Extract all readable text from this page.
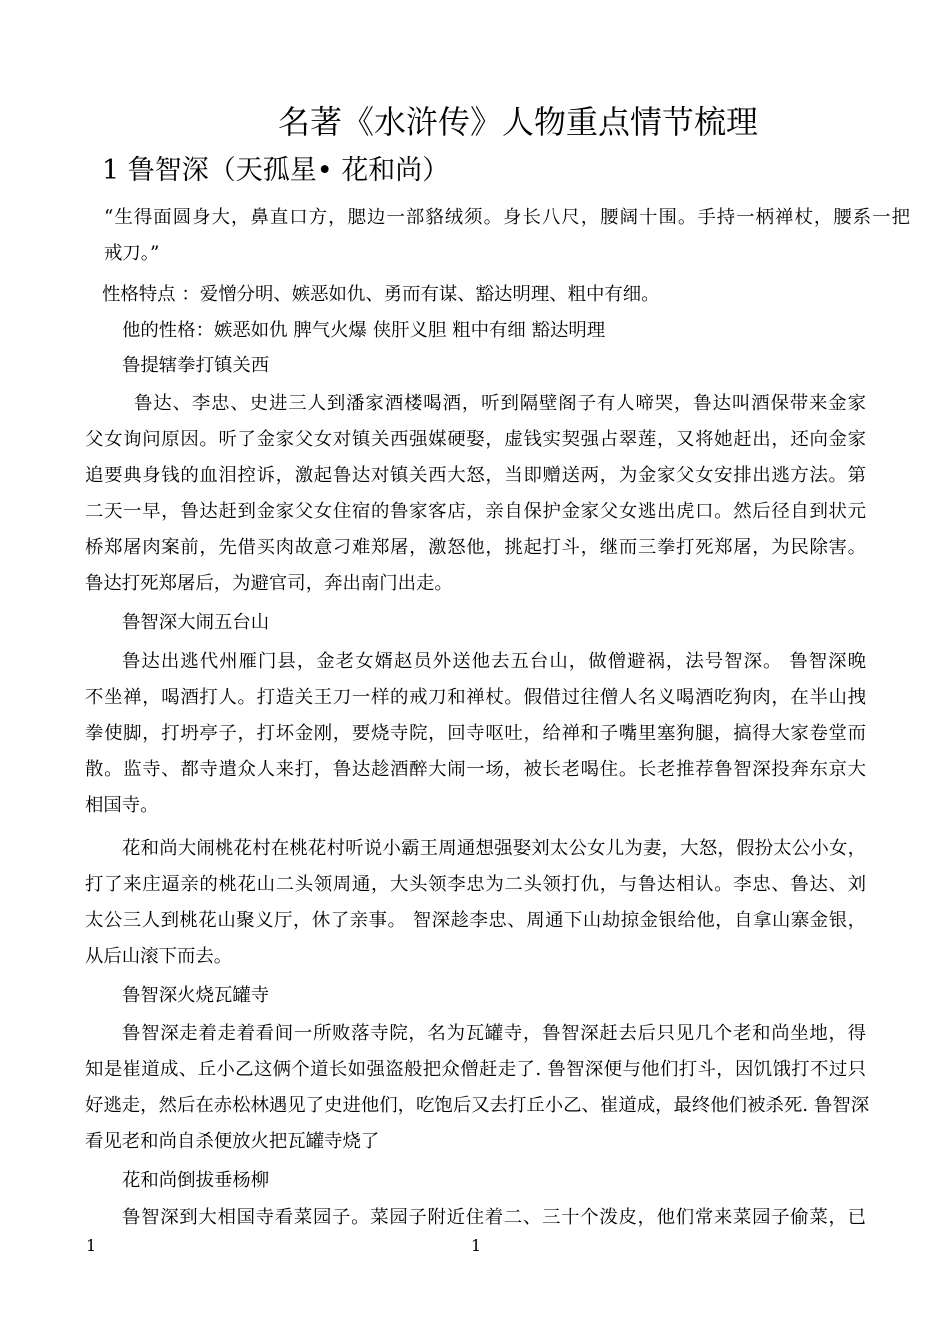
名著《水浒传》人物重点情节梳理
1 鲁智深（天孤星• 花和尚）
“生得面圆身大，鼻直口方，腮边一部貉绒须。身长八尺，腰阔十围。手持一柄禅杖，腰系一把
戒刀。”
性格特点 ：爱憎分明、嫉恶如仇、勇而有谋、豁达明理、粗中有细。
他的性格：嫉恶如仇 脾气火爆 侠肝义胆 粗中有细 豁达明理
鲁提辖拳打镇关西
鲁达、李忠、史进三人到潘家酒楼喝酒，听到隔壁阁子有人啼哭，鲁达叫酒保带来金家
父女询问原因。听了金家父女对镇关西强媒硬娶，虚钱实契强占翠莲，又将她赶出，还向金家
追要典身钱的血泪控诉，激起鲁达对镇关西大怒，当即赠送两，为金家父女安排出逃方法。第
二天一早，鲁达赶到金家父女住宿的鲁家客店，亲自保护金家父女逃出虎口。然后径自到状元
桥郑屠肉案前，先借买肉故意刁难郑屠，激怒他，挑起打斗，继而三拳打死郑屠，为民除害。
鲁达打死郑屠后，为避官司，奔出南门出走。
鲁智深大闹五台山
鲁达出逃代州雁门县，金老女婿赵员外送他去五台山，做僧避祸，法号智深。 鲁智深晚
不坐禅，喝酒打人。打造关王刀一样的戒刀和禅杖。假借过往僧人名义喝酒吃狗肉，在半山拽
拳使脚，打坍亭子，打坏金刚，要烧寺院，回寺呕吐，给禅和子嘴里塞狗腿，搞得大家卷堂而
散。监寺、都寺遣众人来打，鲁达趁酒醉大闹一场，被长老喝住。长老推荐鲁智深投奔东京大
相国寺。
花和尚大闹桃花村在桃花村听说小霸王周通想强娶刘太公女儿为妻，大怒，假扮太公小女，
打了来庄逼亲的桃花山二头领周通，大头领李忠为二头领打仇，与鲁达相认。李忠、鲁达、刘
太公三人到桃花山聚义厅，休了亲事。 智深趁李忠、周通下山劫掠金银给他，自拿山寨金银，
从后山滚下而去。
鲁智深火烧瓦罐寺
鲁智深走着走着看间一所败落寺院，名为瓦罐寺，鲁智深赶去后只见几个老和尚坐地，得
知是崔道成、丘小乙这俩个道长如强盗般把众僧赶走了. 鲁智深便与他们打斗，因饥饿打不过只
好逃走，然后在赤松林遇见了史进他们，吃饱后又去打丘小乙、崔道成，最终他们被杀死. 鲁智深
看见老和尚自杀便放火把瓦罐寺烧了
花和尚倒拔垂杨柳
鲁智深到大相国寺看菜园子。菜园子附近住着二、三十个泼皮，他们常来菜园子偷菜，已
1	1
